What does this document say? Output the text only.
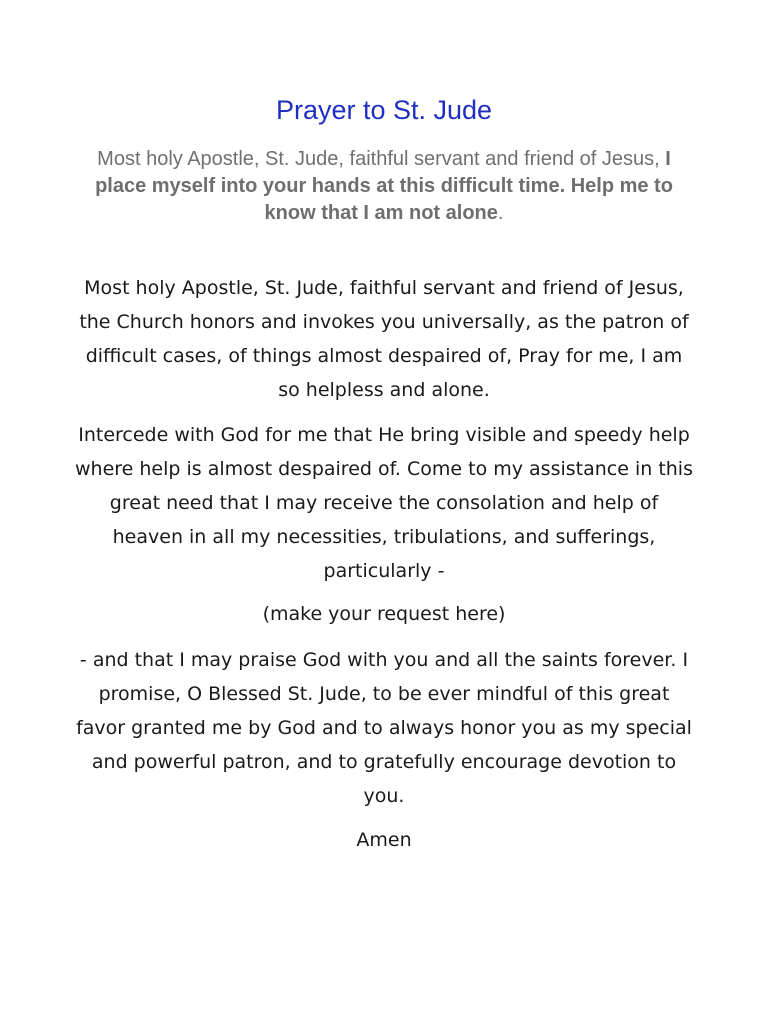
Prayer to St. Jude
Most holy Apostle, St. Jude, faithful servant and friend of Jesus, I place myself into your hands at this difficult time. Help me to know that I am not alone.

Most holy Apostle, St. Jude, faithful servant and friend of Jesus, the Church honors and invokes you universally, as the patron of difficult cases, of things almost despaired of, Pray for me, I am so helpless and alone.

Intercede with God for me that He bring visible and speedy help where help is almost despaired of. Come to my assistance in this great need that I may receive the consolation and help of heaven in all my necessities, tribulations, and sufferings, particularly -

(make your request here)

- and that I may praise God with you and all the saints forever. I promise, O Blessed St. Jude, to be ever mindful of this great favor granted me by God and to always honor you as my special and powerful patron, and to gratefully encourage devotion to you.

Amen
